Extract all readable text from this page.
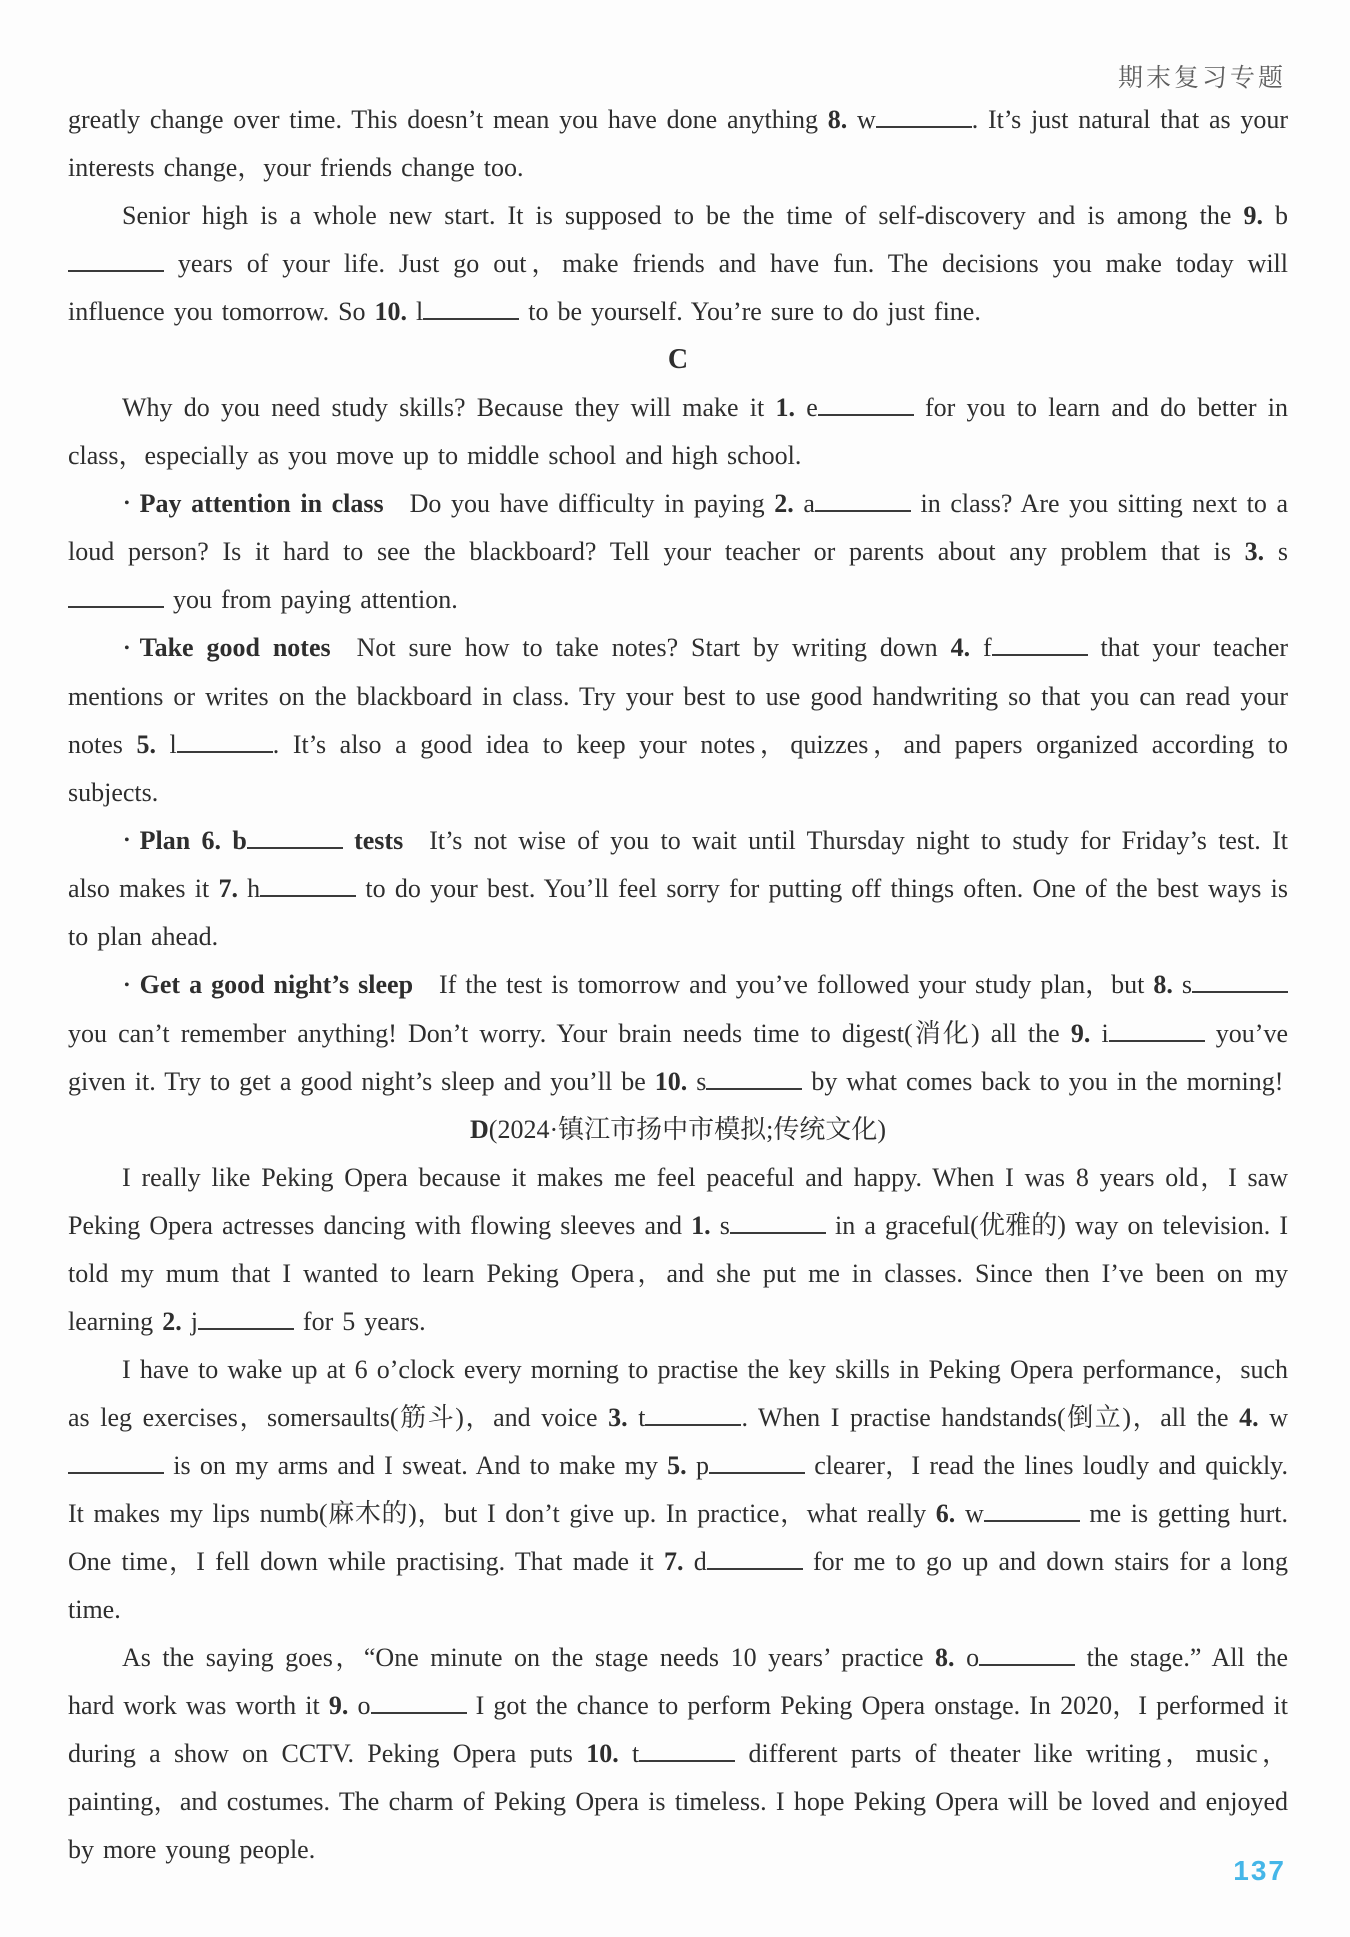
期末复习专题

greatly change over time. This doesn’t mean you have done anything 8. w	. It’s just natural that as your interests change，your friends change too.

Senior high is a whole new start. It is supposed to be the time of self-discovery and is among the 9. b years of your life. Just go out，make friends and have fun. The decisions you make today will influence you tomorrow. So 10. l	to be yourself. You’re sure to do just fine.

C

Why do you need study skills? Because they will make it 1. e	for you to learn and do better in class，especially as you move up to middle school and high school.

• Pay attention in class Do you have difficulty in paying 2. a	in class? Are you sitting next to a loud person? Is it hard to see the blackboard? Tell your teacher or parents about any problem that is 3. s you from paying attention.

• Take good notes Not sure how to take notes? Start by writing down 4. f	that your teacher mentions or writes on the blackboard in class. Try your best to use good handwriting so that you can read your notes 5. l	. It’s also a good idea to keep your notes，quizzes，and papers organized according to subjects.

• Plan 6. b	tests It’s not wise of you to wait until Thursday night to study for Friday’s test. It also makes it 7. h	to do your best. You’ll feel sorry for putting off things often. One of the best ways is to plan ahead.

• Get a good night’s sleep If the test is tomorrow and you’ve followed your study plan，but 8. s you can’t remember anything! Don’t worry. Your brain needs time to digest(消化) all the 9. i	you’ve given it. Try to get a good night’s sleep and you’ll be 10. s	by what comes back to you in the morning!

D(2024·镇江市扬中市模拟;传统文化)

I really like Peking Opera because it makes me feel peaceful and happy. When I was 8 years old，I saw Peking Opera actresses dancing with flowing sleeves and 1. s	in a graceful(优雅的) way on television. I told my mum that I wanted to learn Peking Opera，and she put me in classes. Since then I’ve been on my learning 2. j	for 5 years.

I have to wake up at 6 o’clock every morning to practise the key skills in Peking Opera performance，such as leg exercises，somersaults(筋斗)，and voice 3. t	. When I practise handstands(倒立)，all the 4. w is on my arms and I sweat. And to make my 5. p	clearer，I read the lines loudly and quickly. It makes my lips numb(麻木的)，but I don’t give up. In practice，what really 6. w	me is getting hurt. One time，I fell down while practising. That made it 7. d	for me to go up and down stairs for a long time.

As the saying goes，“One minute on the stage needs 10 years’ practice 8. o	the stage.” All the hard work was worth it 9. o	I got the chance to perform Peking Opera onstage. In 2020，I performed it during a show on CCTV. Peking Opera puts 10. t	different parts of theater like writing，music，painting，and costumes. The charm of Peking Opera is timeless. I hope Peking Opera will be loved and enjoyed by more young people.

137
